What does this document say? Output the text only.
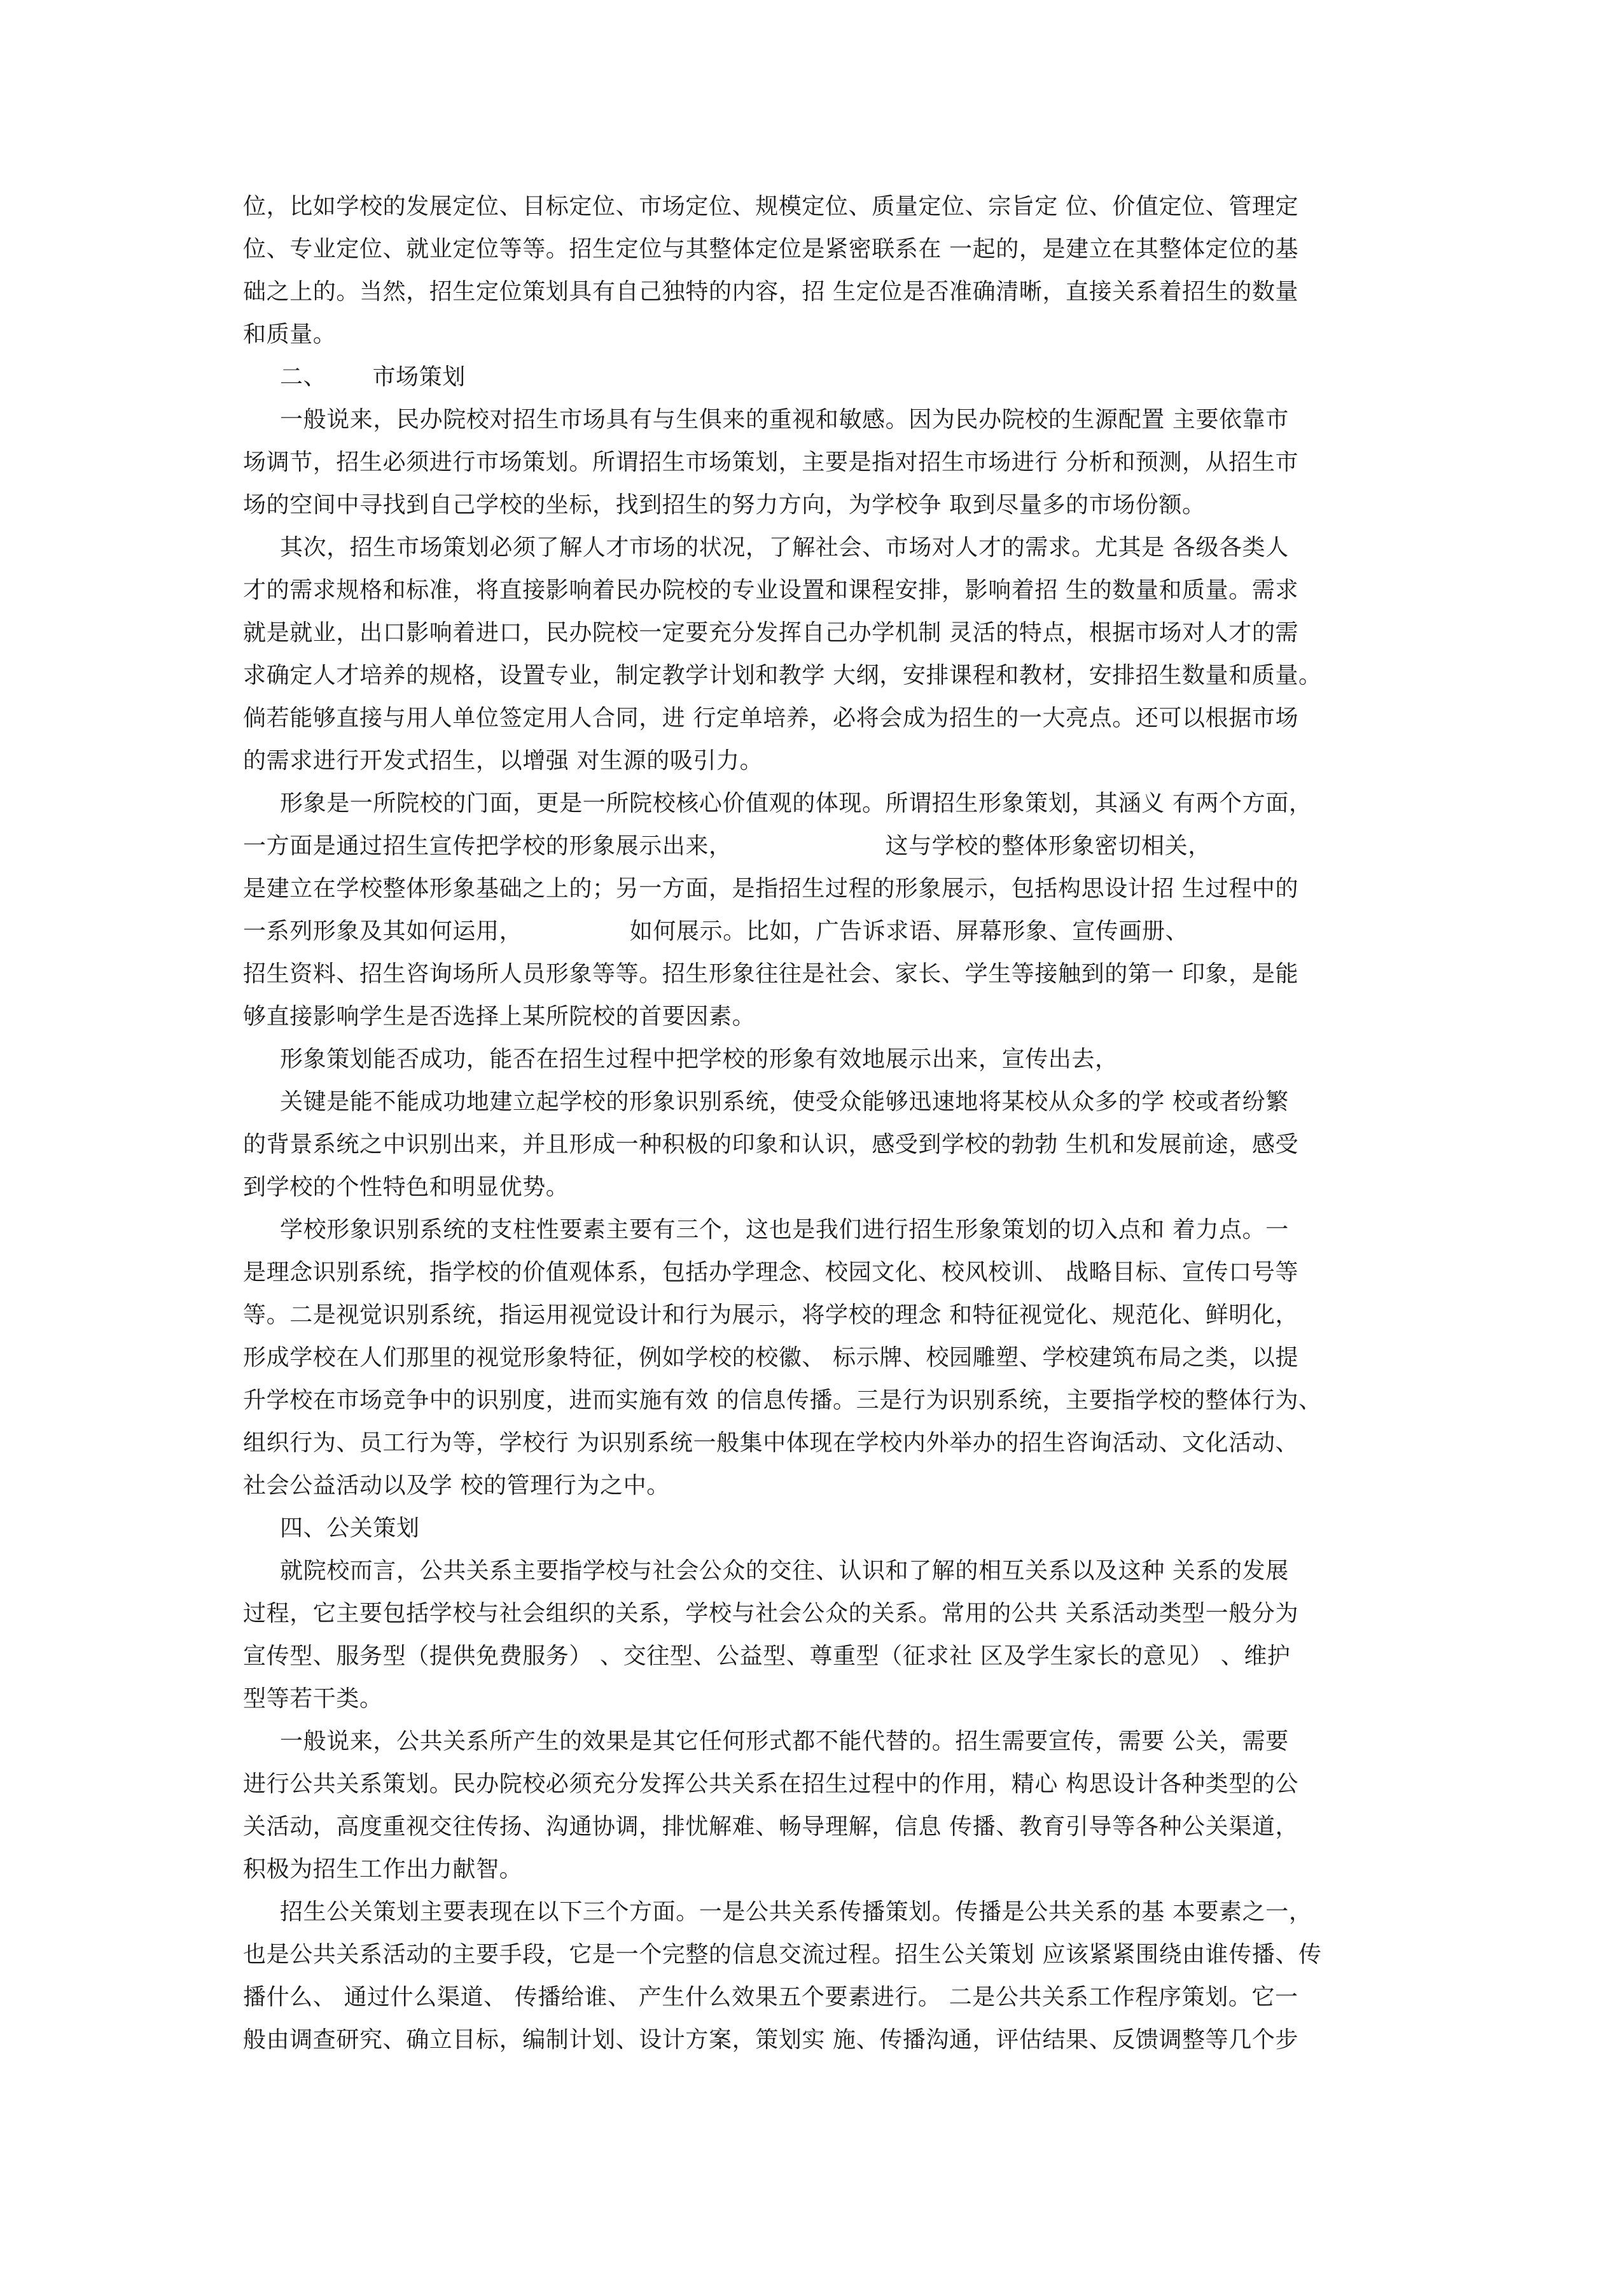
位，比如学校的发展定位、目标定位、市场定位、规模定位、质量定位、宗旨定 位、价值定位、管理定
位、专业定位、就业定位等等。招生定位与其整体定位是紧密联系在 一起的，是建立在其整体定位的基
础之上的。当然，招生定位策划具有自己独特的内容，招 生定位是否准确清晰，直接关系着招生的数量
和质量。
二、      市场策划
一般说来，民办院校对招生市场具有与生俱来的重视和敏感。因为民办院校的生源配置 主要依靠市
场调节，招生必须进行市场策划。所谓招生市场策划，主要是指对招生市场进行 分析和预测，从招生市
场的空间中寻找到自己学校的坐标，找到招生的努力方向，为学校争 取到尽量多的市场份额。
其次，招生市场策划必须了解人才市场的状况，了解社会、市场对人才的需求。尤其是 各级各类人
才的需求规格和标准，将直接影响着民办院校的专业设置和课程安排，影响着招 生的数量和质量。需求
就是就业，出口影响着进口，民办院校一定要充分发挥自己办学机制 灵活的特点，根据市场对人才的需
求确定人才培养的规格，设置专业，制定教学计划和教学 大纲，安排课程和教材，安排招生数量和质量。
倘若能够直接与用人单位签定用人合同，进 行定单培养，必将会成为招生的一大亮点。还可以根据市场
的需求进行开发式招生，以增强 对生源的吸引力。
形象是一所院校的门面，更是一所院校核心价值观的体现。所谓招生形象策划，其涵义 有两个方面，
一方面是通过招生宣传把学校的形象展示出来，                    这与学校的整体形象密切相关，
是建立在学校整体形象基础之上的；另一方面，是指招生过程的形象展示，包括构思设计招 生过程中的
一系列形象及其如何运用，              如何展示。比如，广告诉求语、屏幕形象、宣传画册、
招生资料、招生咨询场所人员形象等等。招生形象往往是社会、家长、学生等接触到的第一 印象，是能
够直接影响学生是否选择上某所院校的首要因素。
形象策划能否成功，能否在招生过程中把学校的形象有效地展示出来，宣传出去，
关键是能不能成功地建立起学校的形象识别系统，使受众能够迅速地将某校从众多的学 校或者纷繁
的背景系统之中识别出来，并且形成一种积极的印象和认识，感受到学校的勃勃 生机和发展前途，感受
到学校的个性特色和明显优势。
学校形象识别系统的支柱性要素主要有三个，这也是我们进行招生形象策划的切入点和 着力点。一
是理念识别系统，指学校的价值观体系，包括办学理念、校园文化、校风校训、 战略目标、宣传口号等
等。二是视觉识别系统，指运用视觉设计和行为展示，将学校的理念 和特征视觉化、规范化、鲜明化，
形成学校在人们那里的视觉形象特征，例如学校的校徽、 标示牌、校园雕塑、学校建筑布局之类，以提
升学校在市场竞争中的识别度，进而实施有效 的信息传播。三是行为识别系统，主要指学校的整体行为、
组织行为、员工行为等，学校行 为识别系统一般集中体现在学校内外举办的招生咨询活动、文化活动、
社会公益活动以及学 校的管理行为之中。
四、公关策划
就院校而言，公共关系主要指学校与社会公众的交往、认识和了解的相互关系以及这种 关系的发展
过程，它主要包括学校与社会组织的关系，学校与社会公众的关系。常用的公共 关系活动类型一般分为
宣传型、服务型（提供免费服务） 、交往型、公益型、尊重型（征求社 区及学生家长的意见） 、维护
型等若干类。
一般说来，公共关系所产生的效果是其它任何形式都不能代替的。招生需要宣传，需要 公关，需要
进行公共关系策划。民办院校必须充分发挥公共关系在招生过程中的作用，精心 构思设计各种类型的公
关活动，高度重视交往传扬、沟通协调，排忧解难、畅导理解，信息 传播、教育引导等各种公关渠道，
积极为招生工作出力献智。
招生公关策划主要表现在以下三个方面。一是公共关系传播策划。传播是公共关系的基 本要素之一，
也是公共关系活动的主要手段，它是一个完整的信息交流过程。招生公关策划 应该紧紧围绕由谁传播、传
播什么、 通过什么渠道、 传播给谁、 产生什么效果五个要素进行。 二是公共关系工作程序策划。它一
般由调查研究、确立目标，编制计划、设计方案，策划实 施、传播沟通，评估结果、反馈调整等几个步
